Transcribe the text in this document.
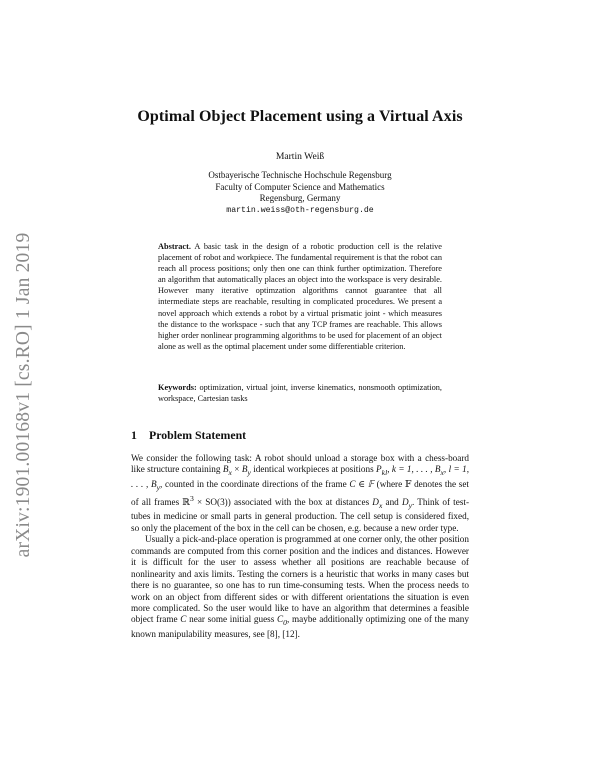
arXiv:1901.00168v1 [cs.RO] 1 Jan 2019
Optimal Object Placement using a Virtual Axis
Martin Weiß
Ostbayerische Technische Hochschule Regensburg
Faculty of Computer Science and Mathematics
Regensburg, Germany
martin.weiss@oth-regensburg.de

Abstract. A basic task in the design of a robotic production cell is the relative placement of robot and workpiece. The fundamental requirement is that the robot can reach all process positions; only then one can think further optimization. Therefore an algorithm that automatically places an object into the workspace is very desirable. However many iterative optimzation algorithms cannot guarantee that all intermediate steps are reachable, resulting in complicated procedures. We present a novel approach which extends a robot by a virtual prismatic joint - which measures the distance to the workspace - such that any TCP frames are reachable. This allows higher order nonlinear programming algorithms to be used for placement of an object alone as well as the optimal placement under some differentiable criterion.

Keywords: optimization, virtual joint, inverse kinematics, nonsmooth optimization, workspace, Cartesian tasks
1 Problem Statement

We consider the following task: A robot should unload a storage box with a chess-board like structure containing $B_x \times B_y$ identical workpieces at positions $P_{kl}$, k = 1, . . . , $B_x$, l = 1, . . . , $B_y$, counted in the coordinate directions of the frame C ∈ 𝔽 (where 𝔽 denotes the set of all frames ℝ$^3$ × SO(3)) associated with the box at distances $D_x$ and $D_y$. Think of test-tubes in medicine or small parts in general production. The cell setup is considered fixed, so only the placement of the box in the cell can be chosen, e.g. because a new order type.

Usually a pick-and-place operation is programmed at one corner only, the other position commands are computed from this corner position and the indices and distances. However it is difficult for the user to assess whether all positions are reachable because of nonlinearity and axis limits. Testing the corners is a heuristic that works in many cases but there is no guarantee, so one has to run time-consuming tests. When the process needs to work on an object from different sides or with different orientations the situation is even more complicated. So the user would like to have an algorithm that determines a feasible object frame C near some initial guess $C_0$, maybe additionally optimizing one of the many known manipulability measures, see [8], [12].
